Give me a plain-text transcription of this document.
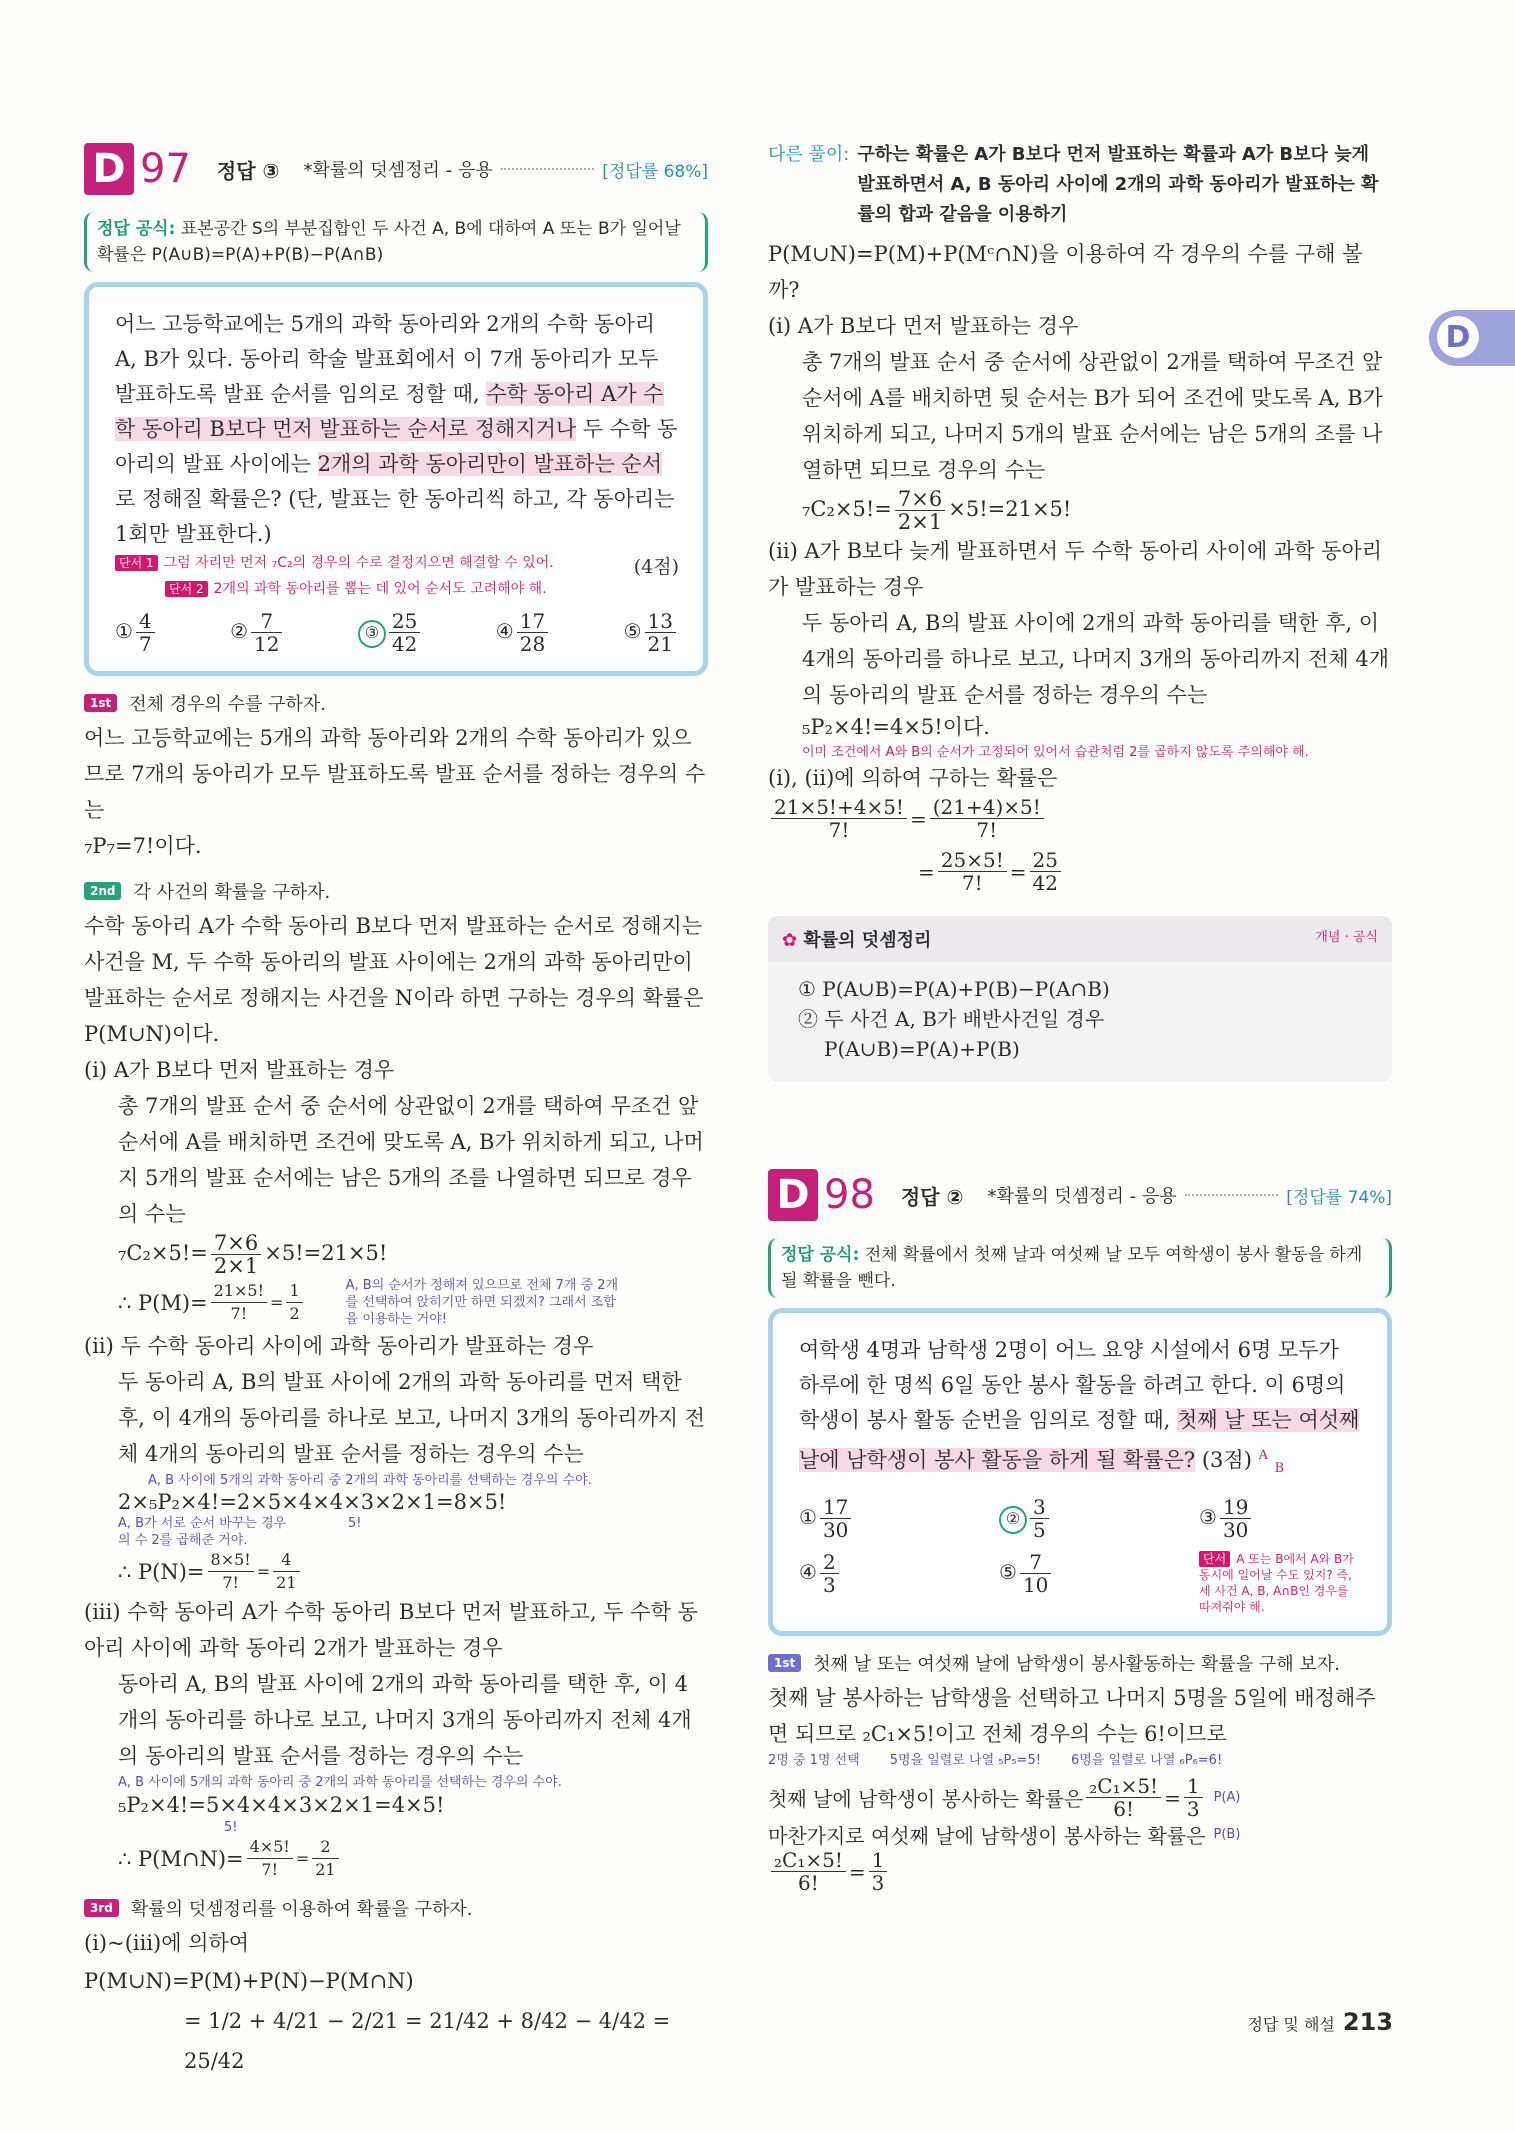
D
D 97 정답 ③ *확률의 덧셈정리 - 응용	[정답률 68%]
정답 공식: 표본공간 S의 부분집합인 두 사건 A, B에 대하여 A 또는 B가 일어날 확률은 P(A∪B)=P(A)+P(B)−P(A∩B)

어느 고등학교에는 5개의 과학 동아리와 2개의 수학 동아리 A, B가 있다. 동아리 학술 발표회에서 이 7개 동아리가 모두 발표하도록 발표 순서를 임의로 정할 때, 수학 동아리 A가 수학 동아리 B보다 먼저 발표하는 순서로 정해지거나 두 수학 동아리의 발표 사이에는 2개의 과학 동아리만이 발표하는 순서로 정해질 확률은? (단, 발표는 한 동아리씩 하고, 각 동아리는 1회만 발표한다.)

단서 1 그럼 자리만 먼저 ₇C₂의 경우의 수로 결정지으면 해결할 수 있어.	(4점)
단서 2 2개의 과학 동아리를 뽑는 데 있어 순서도 고려해야 해.
① $\frac{4}{7}$	② $\frac{7}{12}$	③ $\frac{25}{42}$	④ $\frac{17}{28}$	⑤ $\frac{13}{21}$
1st	전체 경우의 수를 구하자.

어느 고등학교에는 5개의 과학 동아리와 2개의 수학 동아리가 있으므로 7개의 동아리가 모두 발표하도록 발표 순서를 정하는 경우의 수는

₇P₇=7!이다.

2nd	각 사건의 확률을 구하자.

수학 동아리 A가 수학 동아리 B보다 먼저 발표하는 순서로 정해지는 사건을 M, 두 수학 동아리의 발표 사이에는 2개의 과학 동아리만이 발표하는 순서로 정해지는 사건을 N이라 하면 구하는 경우의 확률은 P(M∪N)이다.

(i) A가 B보다 먼저 발표하는 경우

총 7개의 발표 순서 중 순서에 상관없이 2개를 택하여 무조건 앞 순서에 A를 배치하면 조건에 맞도록 A, B가 위치하게 되고, 나머지 5개의 발표 순서에는 남은 5개의 조를 나열하면 되므로 경우의 수는

$_7C_2\times 5!= \frac{7\times 6}{2\times 1} \times 5!=21\times 5$!
∴ $P(M)= \frac{21\times 5!}{7!} = \frac{1}{2}$	A, B의 순서가 정해져 있으므로 전체 7개 중 2개를 선택하여 앉히기만 하면 되겠지? 그래서 조합을 이용하는 거야!

(ii) 두 수학 동아리 사이에 과학 동아리가 발표하는 경우

두 동아리 A, B의 발표 사이에 2개의 과학 동아리를 먼저 택한 후, 이 4개의 동아리를 하나로 보고, 나머지 3개의 동아리까지 전체 4개의 동아리의 발표 순서를 정하는 경우의 수는

A, B 사이에 5개의 과학 동아리 중 2개의 과학 동아리를 선택하는 경우의 수야.
2×₅P₂×4!=2×5×4×4×3×2×1=8×5!
A, B가 서로 순서 바꾸는 경우의 수 2를 곱해준 거야.
5!
∴ $P(N)= \frac{8\times 5!}{7!} = \frac{4}{21}$

(iii) 수학 동아리 A가 수학 동아리 B보다 먼저 발표하고, 두 수학 동아리 사이에 과학 동아리 2개가 발표하는 경우

동아리 A, B의 발표 사이에 2개의 과학 동아리를 택한 후, 이 4개의 동아리를 하나로 보고, 나머지 3개의 동아리까지 전체 4개의 동아리의 발표 순서를 정하는 경우의 수는

A, B 사이에 5개의 과학 동아리 중 2개의 과학 동아리를 선택하는 경우의 수야.
₅P₂×4!=5×4×4×3×2×1=4×5!
5!
∴ P(M∩N)= $\frac{4\times 5!}{7!} = \frac{2}{21}$
3rd	확률의 덧셈정리를 이용하여 확률을 구하자.

(i)~(iii)에 의하여

P(M∪N)=P(M)+P(N)−P(M∩N)

= 1/2 + 4/21 − 2/21 = 21/42 + 8/42 − 4/42 = 25/42

다른 풀이: 구하는 확률은 A가 B보다 먼저 발표하는 확률과 A가 B보다 늦게 발표하면서 A, B 동아리 사이에 2개의 과학 동아리가 발표하는 확률의 합과 같음을 이용하기

P(M∪N)=P(M)+P(Mᶜ∩N)을 이용하여 각 경우의 수를 구해 볼까?

(i) A가 B보다 먼저 발표하는 경우

총 7개의 발표 순서 중 순서에 상관없이 2개를 택하여 무조건 앞 순서에 A를 배치하면 뒷 순서는 B가 되어 조건에 맞도록 A, B가 위치하게 되고, 나머지 5개의 발표 순서에는 남은 5개의 조를 나열하면 되므로 경우의 수는

$_7C_2\times 5!= \frac{7\times 6}{2\times 1} \times 5!=21\times 5$!

(ii) A가 B보다 늦게 발표하면서 두 수학 동아리 사이에 과학 동아리가 발표하는 경우

두 동아리 A, B의 발표 사이에 2개의 과학 동아리를 택한 후, 이 4개의 동아리를 하나로 보고, 나머지 3개의 동아리까지 전체 4개의 동아리의 발표 순서를 정하는 경우의 수는

₅P₂×4!=4×5!이다.
이미 조건에서 A와 B의 순서가 고정되어 있어서 습관처럼 2를 곱하지 않도록 주의해야 해.

(i), (ii)에 의하여 구하는 확률은

$\frac{21\times 5!+4\times 5!}{7!} = \frac{(21+4)\times 5!}{7!}$
= $\frac{25\times 5!}{7!} = \frac{25}{42}$
✿ 확률의 덧셈정리	개념 · 공식
① P(A∪B)=P(A)+P(B)−P(A∩B)
② 두 사건 A, B가 배반사건일 경우
P(A∪B)=P(A)+P(B)
D 98 정답 ② *확률의 덧셈정리 - 응용	[정답률 74%]
정답 공식: 전체 확률에서 첫째 날과 여섯째 날 모두 여학생이 봉사 활동을 하게 될 확률을 뺀다.

여학생 4명과 남학생 2명이 어느 요양 시설에서 6명 모두가 하루에 한 명씩 6일 동안 봉사 활동을 하려고 한다. 이 6명의 학생이 봉사 활동 순번을 임의로 정할 때, 첫째 날 또는 여섯째 날에 남학생이 봉사 활동을 하게 될 확률은? (3점) $^A$ $_B$

① $\frac{17}{30}$	② $\frac{3}{5}$	③ $\frac{19}{30}$
④ $\frac{2}{3}$	⑤ $\frac{7}{10}$	단서 A 또는 B에서 A와 B가 동시에 일어날 수도 있지? 즉, 세 사건 A, B, A∩B인 경우를 따져줘야 해.
1st	첫째 날 또는 여섯째 날에 남학생이 봉사활동하는 확률을 구해 보자.

첫째 날 봉사하는 남학생을 선택하고 나머지 5명을 5일에 배정해주면 되므로 ₂C₁×5!이고 전체 경우의 수는 6!이므로

2명 중 1명 선택 5명을 일렬로 나열 ₅P₅=5! 6명을 일렬로 나열 ₆P₆=6!
첫째 날에 남학생이 봉사하는 확률은 $\frac{\text{₂C₁×5!}}{6!} = \frac{1}{3} P(A)$
마찬가지로 여섯째 날에 남학생이 봉사하는 확률은 P(B)
$\frac{\text{₂C₁×5!}}{6!} = \frac{1}{3}$
정답 및 해설 213
